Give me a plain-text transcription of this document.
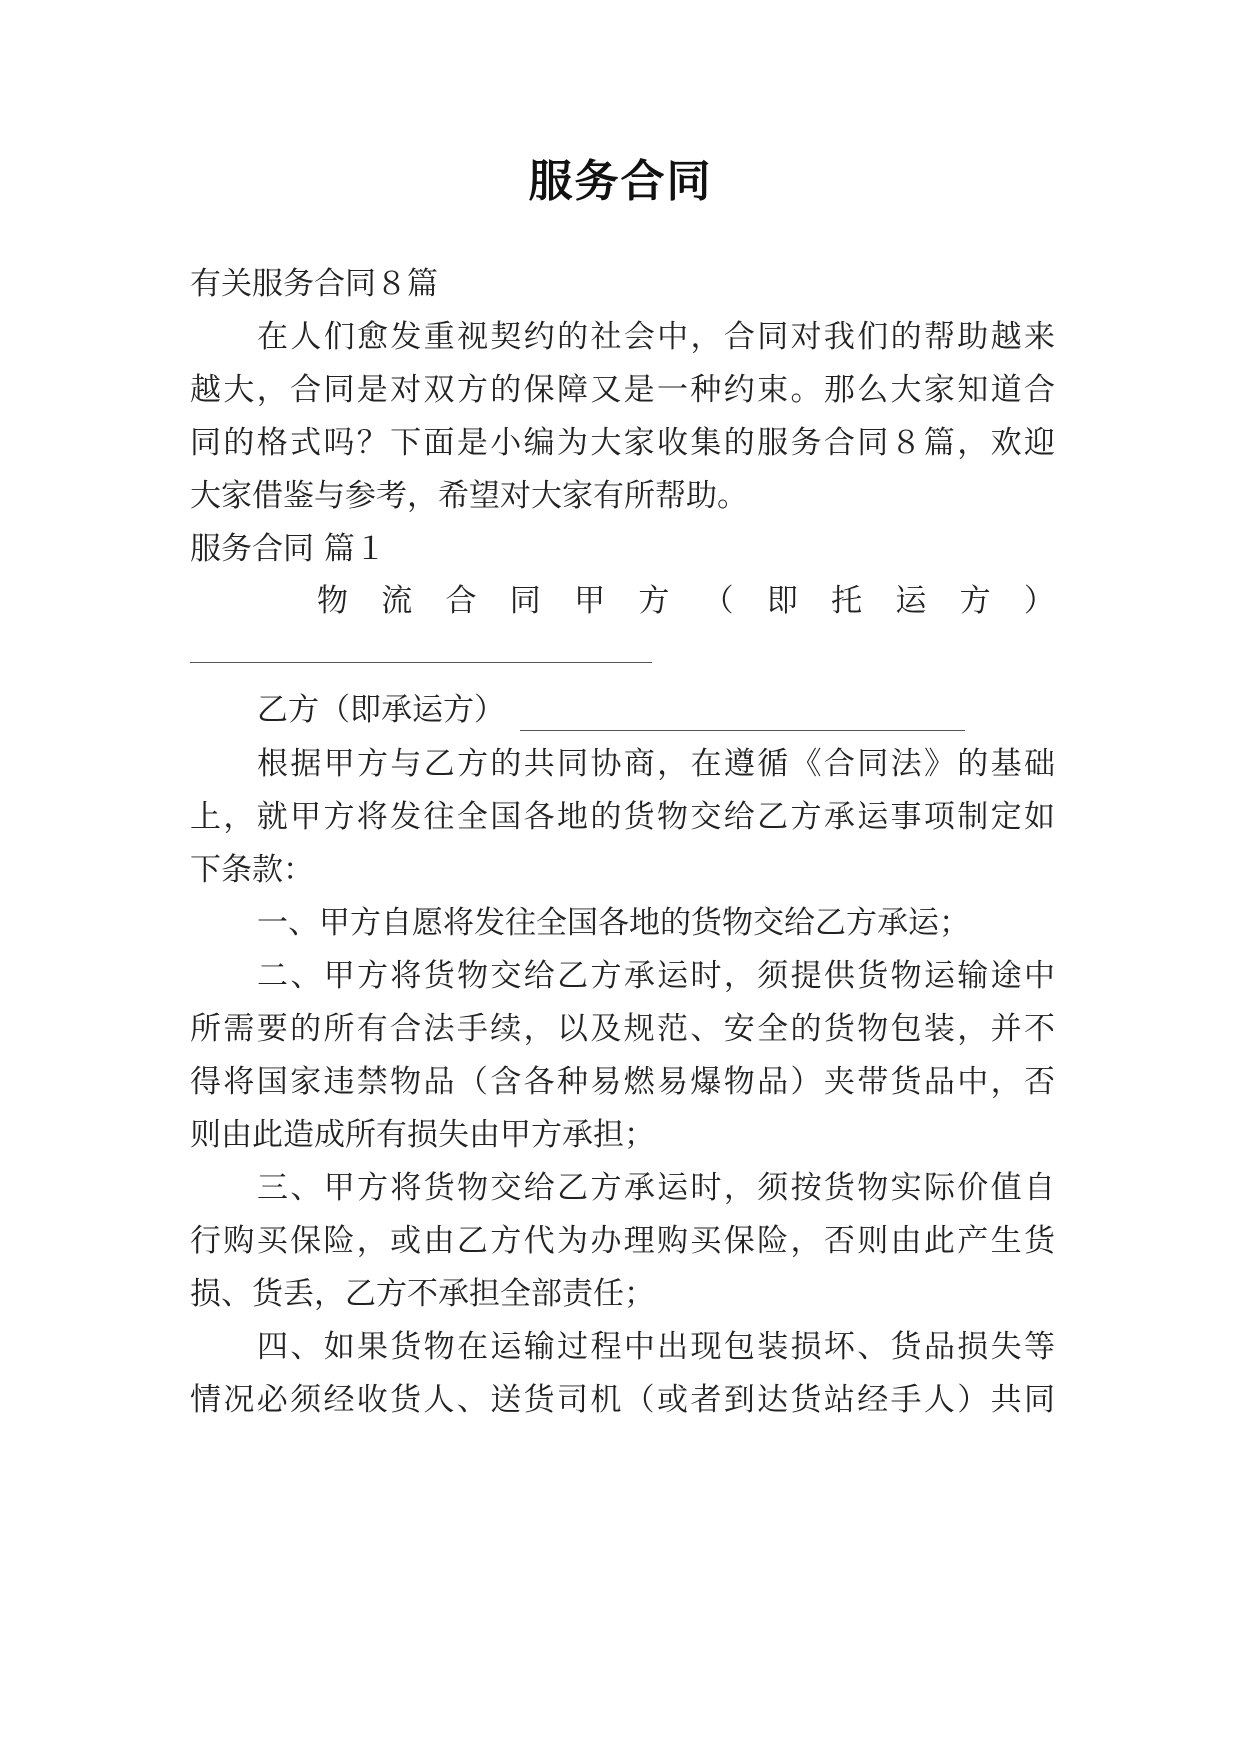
服务合同
有关服务合同８篇
在人们愈发重视契约的社会中，合同对我们的帮助越来
越大，合同是对双方的保障又是一种约束。那么大家知道合
同的格式吗？下面是小编为大家收集的服务合同８篇，欢迎
大家借鉴与参考，希望对大家有所帮助。
服务合同 篇１
物 流 合 同 甲 方 （ 即 托 运 方 ）
乙方（即承运方）
根据甲方与乙方的共同协商，在遵循《合同法》的基础
上，就甲方将发往全国各地的货物交给乙方承运事项制定如
下条款：
一、甲方自愿将发往全国各地的货物交给乙方承运；
二、甲方将货物交给乙方承运时，须提供货物运输途中
所需要的所有合法手续，以及规范、安全的货物包装，并不
得将国家违禁物品（含各种易燃易爆物品）夹带货品中，否
则由此造成所有损失由甲方承担；
三、甲方将货物交给乙方承运时，须按货物实际价值自
行购买保险，或由乙方代为办理购买保险，否则由此产生货
损、货丢，乙方不承担全部责任；
四、如果货物在运输过程中出现包装损坏、货品损失等
情况必须经收货人、送货司机（或者到达货站经手人）共同
